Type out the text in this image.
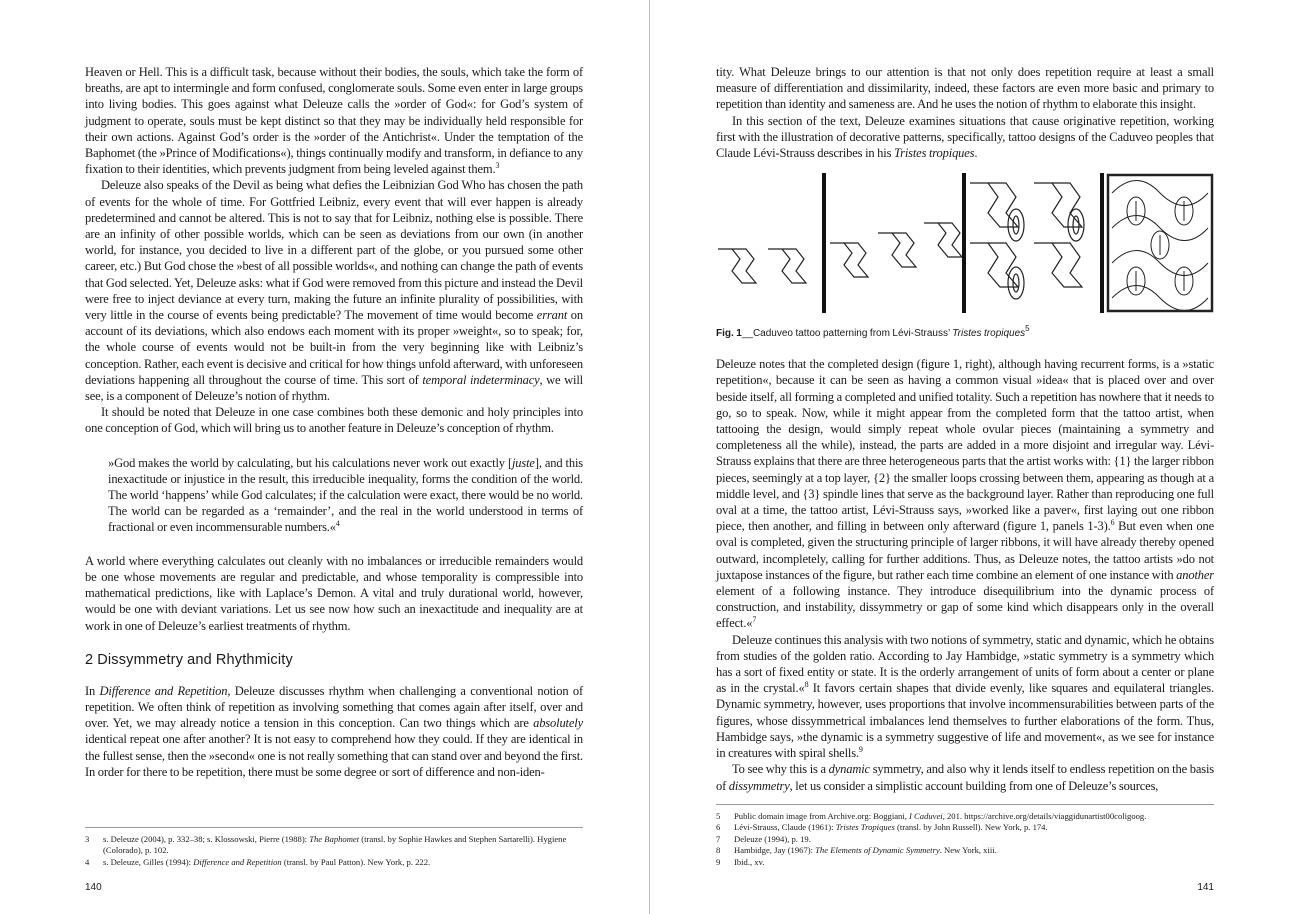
Heaven or Hell. This is a difficult task, because without their bodies, the souls, which take the form of breaths, are apt to intermingle and form confused, conglomerate souls. Some even enter in large groups into living bodies. This goes against what Deleuze calls the »order of God«: for God’s system of judgment to operate, souls must be kept distinct so that they may be individually held responsible for their own actions. Against God’s order is the »order of the Antichrist«. Under the temptation of the Baphomet (the »Prince of Modifications«), things continually modify and transform, in defiance to any fixation to their identities, which prevents judgment from being leveled against them.$^3$

Deleuze also speaks of the Devil as being what defies the Leibnizian God Who has chosen the path of events for the whole of time. For Gottfried Leibniz, every event that will ever happen is already predetermined and cannot be altered. This is not to say that for Leibniz, nothing else is possible. There are an infinity of other possible worlds, which can be seen as deviations from our own (in another world, for instance, you decided to live in a different part of the globe, or you pursued some other career, etc.) But God chose the »best of all possible worlds«, and nothing can change the path of events that God selected. Yet, Deleuze asks: what if God were removed from this picture and instead the Devil were free to inject deviance at every turn, making the future an infinite plurality of possibilities, with very little in the course of events being predictable? The movement of time would become errant on account of its deviations, which also endows each moment with its proper »weight«, so to speak; for, the whole course of events would not be built-in from the very beginning like with Leibniz’s conception. Rather, each event is decisive and critical for how things unfold afterward, with unforeseen deviations happening all throughout the course of time. This sort of temporal indeterminacy, we will see, is a component of Deleuze’s notion of rhythm.

It should be noted that Deleuze in one case combines both these demonic and holy principles into one conception of God, which will bring us to another feature in Deleuze’s conception of rhythm.

»God makes the world by calculating, but his calculations never work out exactly [juste], and this inexactitude or injustice in the result, this irreducible inequality, forms the condition of the world. The world ‘happens’ while God calculates; if the calculation were exact, there would be no world. The world can be regarded as a ‘remainder’, and the real in the world understood in terms of fractional or even incommensurable numbers.«$^4$

A world where everything calculates out cleanly with no imbalances or irreducible remainders would be one whose movements are regular and predictable, and whose temporality is compressible into mathematical predictions, like with Laplace’s Demon. A vital and truly durational world, however, would be one with deviant variations. Let us see now how such an inexactitude and inequality are at work in one of Deleuze’s earliest treatments of rhythm.

2 Dissymmetry and Rhythmicity

In Difference and Repetition, Deleuze discusses rhythm when challenging a conventional notion of repetition. We often think of repetition as involving something that comes again after itself, over and over. Yet, we may already notice a tension in this conception. Can two things which are absolutely identical repeat one after another? It is not easy to comprehend how they could. If they are identical in the fullest sense, then the »second« one is not really something that can stand over and beyond the first. In order for there to be repetition, there must be some degree or sort of difference and non-iden-

3	s. Deleuze (2004), p. 332–38; s. Klossowski, Pierre (1988): The Baphomet (transl. by Sophie Hawkes and Stephen Sartarelli). Hygiene (Colorado), p. 102.
4	s. Deleuze, Gilles (1994): Difference and Repetition (transl. by Paul Patton). New York, p. 222.
140

tity. What Deleuze brings to our attention is that not only does repetition require at least a small measure of differentiation and dissimilarity, indeed, these factors are even more basic and primary to repetition than identity and sameness are. And he uses the notion of rhythm to elaborate this insight.

In this section of the text, Deleuze examines situations that cause originative repetition, working first with the illustration of decorative patterns, specifically, tattoo designs of the Caduveo peoples that Claude Lévi-Strauss describes in his Tristes tropiques.

Fig. 1__Caduveo tattoo patterning from Lévi-Strauss’ Tristes tropiques$^5$

Deleuze notes that the completed design (figure 1, right), although having recurrent forms, is a »static repetition«, because it can be seen as having a common visual »idea« that is placed over and over beside itself, all forming a completed and unified totality. Such a repetition has nowhere that it needs to go, so to speak. Now, while it might appear from the completed form that the tattoo artist, when tattooing the design, would simply repeat whole ovular pieces (maintaining a symmetry and completeness all the while), instead, the parts are added in a more disjoint and irregular way. Lévi-Strauss explains that there are three heterogeneous parts that the artist works with: {1} the larger ribbon pieces, seemingly at a top layer, {2} the smaller loops crossing between them, appearing as though at a middle level, and {3} spindle lines that serve as the background layer. Rather than reproducing one full oval at a time, the tattoo artist, Lévi-Strauss says, »worked like a paver«, first laying out one ribbon piece, then another, and filling in between only afterward (figure 1, panels 1-3).$^6$ But even when one oval is completed, given the structuring principle of larger ribbons, it will have already thereby opened outward, incompletely, calling for further additions. Thus, as Deleuze notes, the tattoo artists »do not juxtapose instances of the figure, but rather each time combine an element of one instance with another element of a following instance. They introduce disequilibrium into the dynamic process of construction, and instability, dissymmetry or gap of some kind which disappears only in the overall effect.«$^7$

Deleuze continues this analysis with two notions of symmetry, static and dynamic, which he obtains from studies of the golden ratio. According to Jay Hambidge, »static symmetry is a symmetry which has a sort of fixed entity or state. It is the orderly arrangement of units of form about a center or plane as in the crystal.«$^8$ It favors certain shapes that divide evenly, like squares and equilateral triangles. Dynamic symmetry, however, uses proportions that involve incommensurabilities between parts of the figures, whose dissymmetrical imbalances lend themselves to further elaborations of the form. Thus, Hambidge says, »the dynamic is a symmetry suggestive of life and movement«, as we see for instance in creatures with spiral shells.$^9$

To see why this is a dynamic symmetry, and also why it lends itself to endless repetition on the basis of dissymmetry, let us consider a simplistic account building from one of Deleuze’s sources,

5	Public domain image from Archive.org: Boggiani, I Caduvei, 201. https://archive.org/details/viaggidunartist00coligoog.
6	Lévi-Strauss, Claude (1961): Tristes Tropiques (transl. by John Russell). New York, p. 174.
7	Deleuze (1994), p. 19.
8	Hambidge, Jay (1967): The Elements of Dynamic Symmetry. New York, xiii.
9	Ibid., xv.
141
